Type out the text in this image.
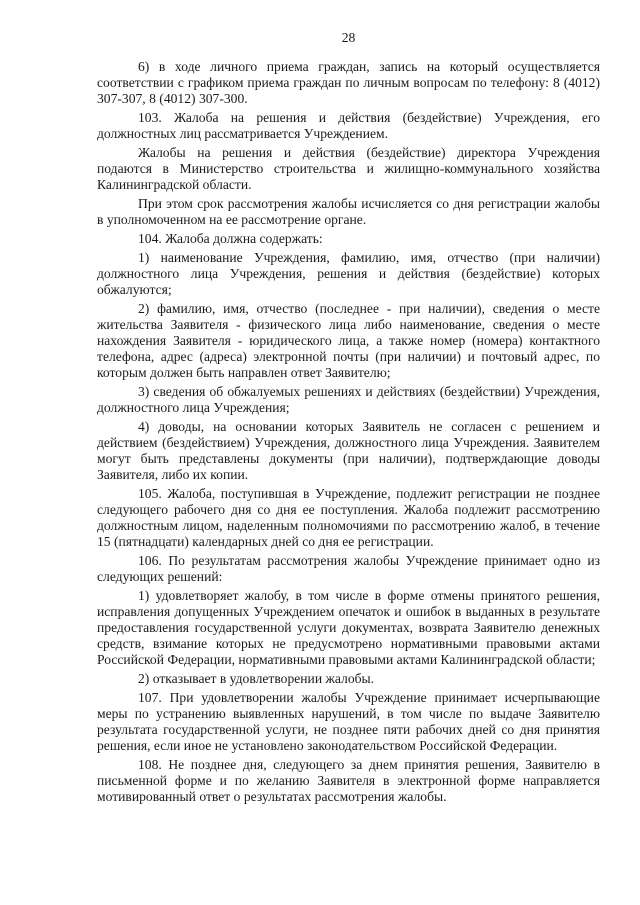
28

6) в ходе личного приема граждан, запись на который осуществляется соответствии с графиком приема граждан по личным вопросам по телефону: 8 (4012) 307-307, 8 (4012) 307-300.

103. Жалоба на решения и действия (бездействие) Учреждения, его должностных лиц рассматривается Учреждением.

Жалобы на решения и действия (бездействие) директора Учреждения подаются в Министерство строительства и жилищно-коммунального хозяйства Калининградской области.

При этом срок рассмотрения жалобы исчисляется со дня регистрации жалобы в уполномоченном на ее рассмотрение органе.

104. Жалоба должна содержать:

1) наименование Учреждения, фамилию, имя, отчество (при наличии) должностного лица Учреждения, решения и действия (бездействие) которых обжалуются;

2) фамилию, имя, отчество (последнее - при наличии), сведения о месте жительства Заявителя - физического лица либо наименование, сведения о месте нахождения Заявителя - юридического лица, а также номер (номера) контактного телефона, адрес (адреса) электронной почты (при наличии) и почтовый адрес, по которым должен быть направлен ответ Заявителю;

3) сведения об обжалуемых решениях и действиях (бездействии) Учреждения, должностного лица Учреждения;

4) доводы, на основании которых Заявитель не согласен с решением и действием (бездействием) Учреждения, должностного лица Учреждения. Заявителем могут быть представлены документы (при наличии), подтверждающие доводы Заявителя, либо их копии.

105. Жалоба, поступившая в Учреждение, подлежит регистрации не позднее следующего рабочего дня со дня ее поступления. Жалоба подлежит рассмотрению должностным лицом, наделенным полномочиями по рассмотрению жалоб, в течение 15 (пятнадцати) календарных дней со дня ее регистрации.

106. По результатам рассмотрения жалобы Учреждение принимает одно из следующих решений:

1) удовлетворяет жалобу, в том числе в форме отмены принятого решения, исправления допущенных Учреждением опечаток и ошибок в выданных в результате предоставления государственной услуги документах, возврата Заявителю денежных средств, взимание которых не предусмотрено нормативными правовыми актами Российской Федерации, нормативными правовыми актами Калининградской области;

2) отказывает в удовлетворении жалобы.

107. При удовлетворении жалобы Учреждение принимает исчерпывающие меры по устранению выявленных нарушений, в том числе по выдаче Заявителю результата государственной услуги, не позднее пяти рабочих дней со дня принятия решения, если иное не установлено законодательством Российской Федерации.

108. Не позднее дня, следующего за днем принятия решения, Заявителю в письменной форме и по желанию Заявителя в электронной форме направляется мотивированный ответ о результатах рассмотрения жалобы.
